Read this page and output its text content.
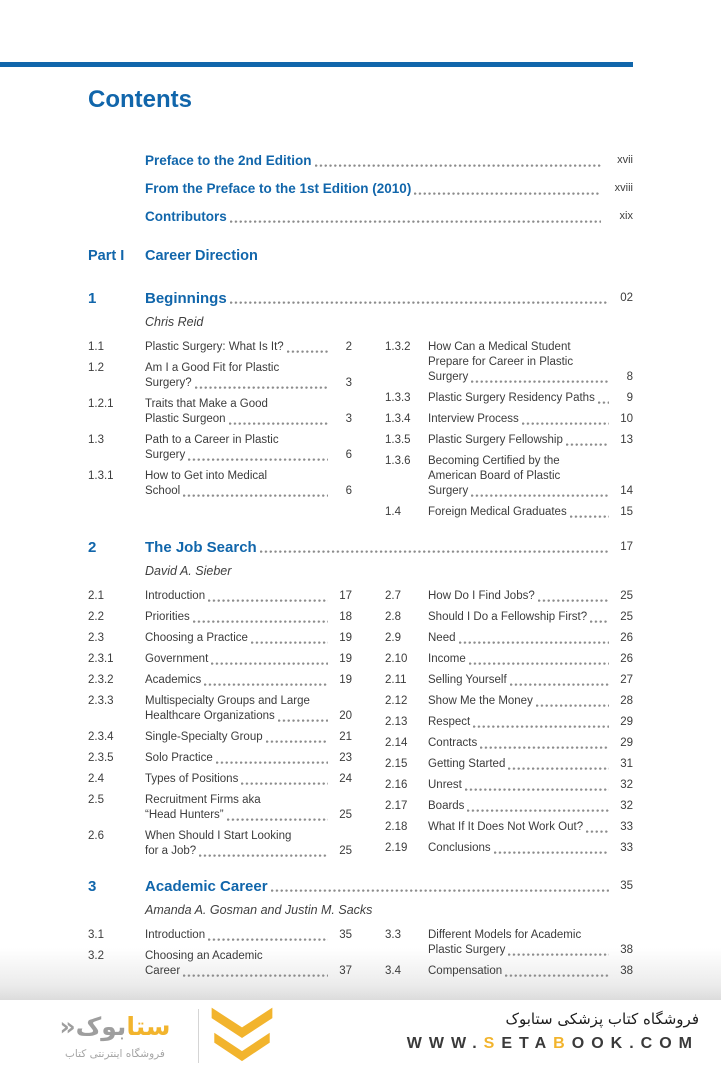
Contents
Preface to the 2nd Edition	xvii
From the Preface to the 1st Edition (2010)	xviii
Contributors	xix
Part I	Career Direction
1	Beginnings	02
Chris Reid
1.1	Plastic Surgery: What Is It?	2
1.2	Am I a Good Fit for Plastic
Surgery?	3
1.2.1	Traits that Make a Good
Plastic Surgeon	3
1.3	Path to a Career in Plastic
Surgery	6
1.3.1	How to Get into Medical
School	6
1.3.2	How Can a Medical Student
Prepare for Career in Plastic
Surgery	8
1.3.3	Plastic Surgery Residency Paths	9
1.3.4	Interview Process	10
1.3.5	Plastic Surgery Fellowship	13
1.3.6	Becoming Certified by the
American Board of Plastic
Surgery	14
1.4	Foreign Medical Graduates	15
2	The Job Search	17
David A. Sieber
2.1	Introduction	17
2.2	Priorities	18
2.3	Choosing a Practice	19
2.3.1	Government	19
2.3.2	Academics	19
2.3.3	Multispecialty Groups and Large
Healthcare Organizations	20
2.3.4	Single-Specialty Group	21
2.3.5	Solo Practice	23
2.4	Types of Positions	24
2.5	Recruitment Firms aka
“Head Hunters”	25
2.6	When Should I Start Looking
for a Job?	25
2.7	How Do I Find Jobs?	25
2.8	Should I Do a Fellowship First?	25
2.9	Need	26
2.10	Income	26
2.11	Selling Yourself	27
2.12	Show Me the Money	28
2.13	Respect	29
2.14	Contracts	29
2.15	Getting Started	31
2.16	Unrest	32
2.17	Boards	32
2.18	What If It Does Not Work Out?	33
2.19	Conclusions	33
3	Academic Career	35
Amanda A. Gosman and Justin M. Sacks
3.1	Introduction	35
3.2	Choosing an Academic
Career	37
3.3	Different Models for Academic
Plastic Surgery	38
3.4	Compensation	38
ستابوک«
فروشگاه اینترنتی کتاب
فروشگاه کتاب پزشکی ستابوک
WWW.SETABOOK.COM
